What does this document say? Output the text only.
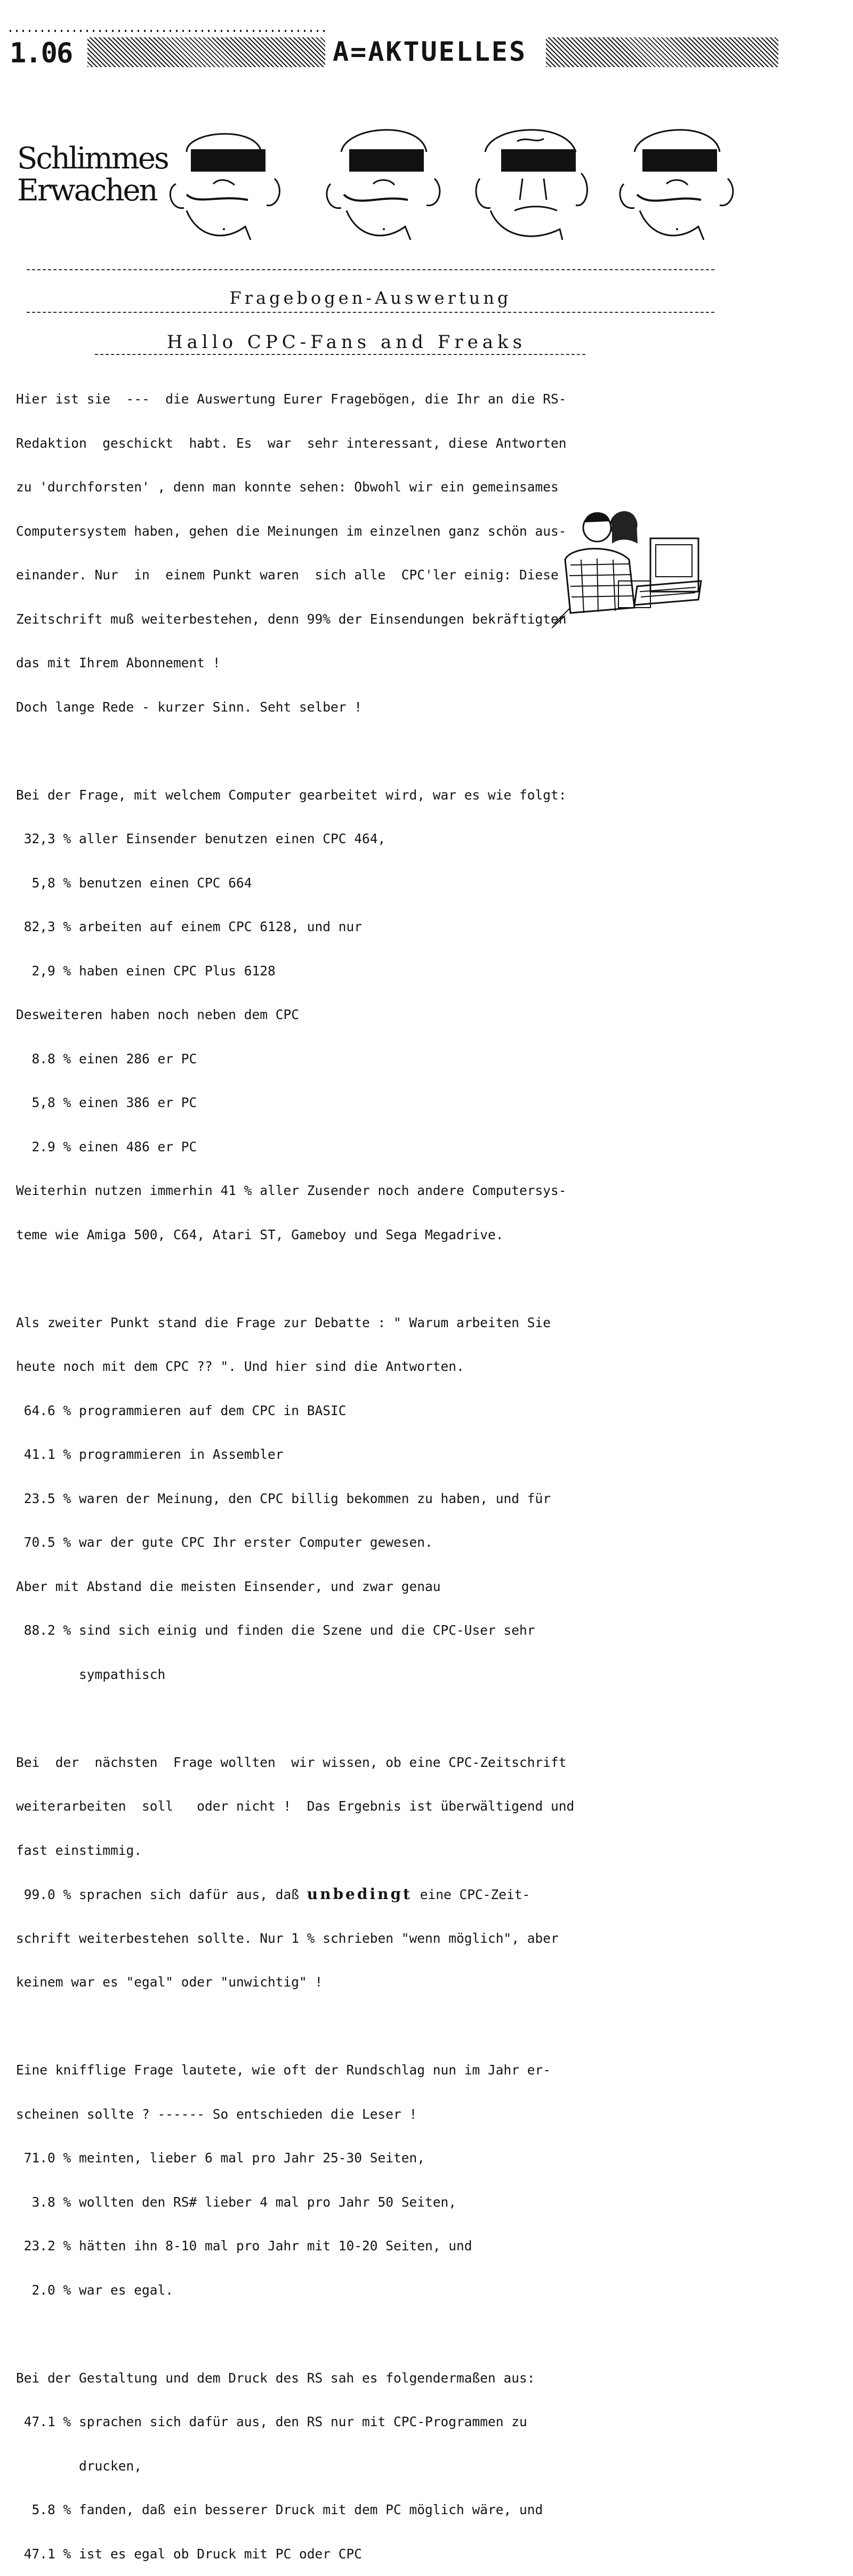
1.06	A=AKTUELLES
Schlimmes
Erwachen
Fragebogen-Auswertung
Hallo CPC-Fans and Freaks

Hier ist sie  ---  die Auswertung Eurer Fragebögen, die Ihr an die RS-

Redaktion  geschickt  habt. Es  war  sehr interessant, diese Antworten

zu 'durchforsten' , denn man konnte sehen: Obwohl wir ein gemeinsames

Computersystem haben, gehen die Meinungen im einzelnen ganz schön aus-

einander. Nur  in  einem Punkt waren  sich alle  CPC'ler einig: Diese

Zeitschrift muß weiterbestehen, denn 99% der Einsendungen bekräftigten

das mit Ihrem Abonnement !

Doch lange Rede - kurzer Sinn. Seht selber !

Bei der Frage, mit welchem Computer gearbeitet wird, war es wie folgt:

32,3 % aller Einsender benutzen einen CPC 464,

5,8 % benutzen einen CPC 664

82,3 % arbeiten auf einem CPC 6128, und nur

2,9 % haben einen CPC Plus 6128

Desweiteren haben noch neben dem CPC

8.8 % einen 286 er PC

5,8 % einen 386 er PC

2.9 % einen 486 er PC

Weiterhin nutzen immerhin 41 % aller Zusender noch andere Computersys-

teme wie Amiga 500, C64, Atari ST, Gameboy und Sega Megadrive.

Als zweiter Punkt stand die Frage zur Debatte : " Warum arbeiten Sie

heute noch mit dem CPC ?? ". Und hier sind die Antworten.

64.6 % programmieren auf dem CPC in BASIC

41.1 % programmieren in Assembler

23.5 % waren der Meinung, den CPC billig bekommen zu haben, und für

70.5 % war der gute CPC Ihr erster Computer gewesen.

Aber mit Abstand die meisten Einsender, und zwar genau

88.2 % sind sich einig und finden die Szene und die CPC-User sehr

sympathisch

Bei  der  nächsten  Frage wollten  wir wissen, ob eine CPC-Zeitschrift

weiterarbeiten  soll   oder nicht !  Das Ergebnis ist überwältigend und

fast einstimmig.

99.0 % sprachen sich dafür aus, daß unbedingt eine CPC-Zeit-

schrift weiterbestehen sollte. Nur 1 % schrieben "wenn möglich", aber

keinem war es "egal" oder "unwichtig" !

Eine knifflige Frage lautete, wie oft der Rundschlag nun im Jahr er-

scheinen sollte ? ------ So entschieden die Leser !

71.0 % meinten, lieber 6 mal pro Jahr 25-30 Seiten,

3.8 % wollten den RS# lieber 4 mal pro Jahr 50 Seiten,

23.2 % hätten ihn 8-10 mal pro Jahr mit 10-20 Seiten, und

2.0 % war es egal.

Bei der Gestaltung und dem Druck des RS sah es folgendermaßen aus:

47.1 % sprachen sich dafür aus, den RS nur mit CPC-Programmen zu

drucken,

5.8 % fanden, daß ein besserer Druck mit dem PC möglich wäre, und

47.1 % ist es egal ob Druck mit PC oder CPC
